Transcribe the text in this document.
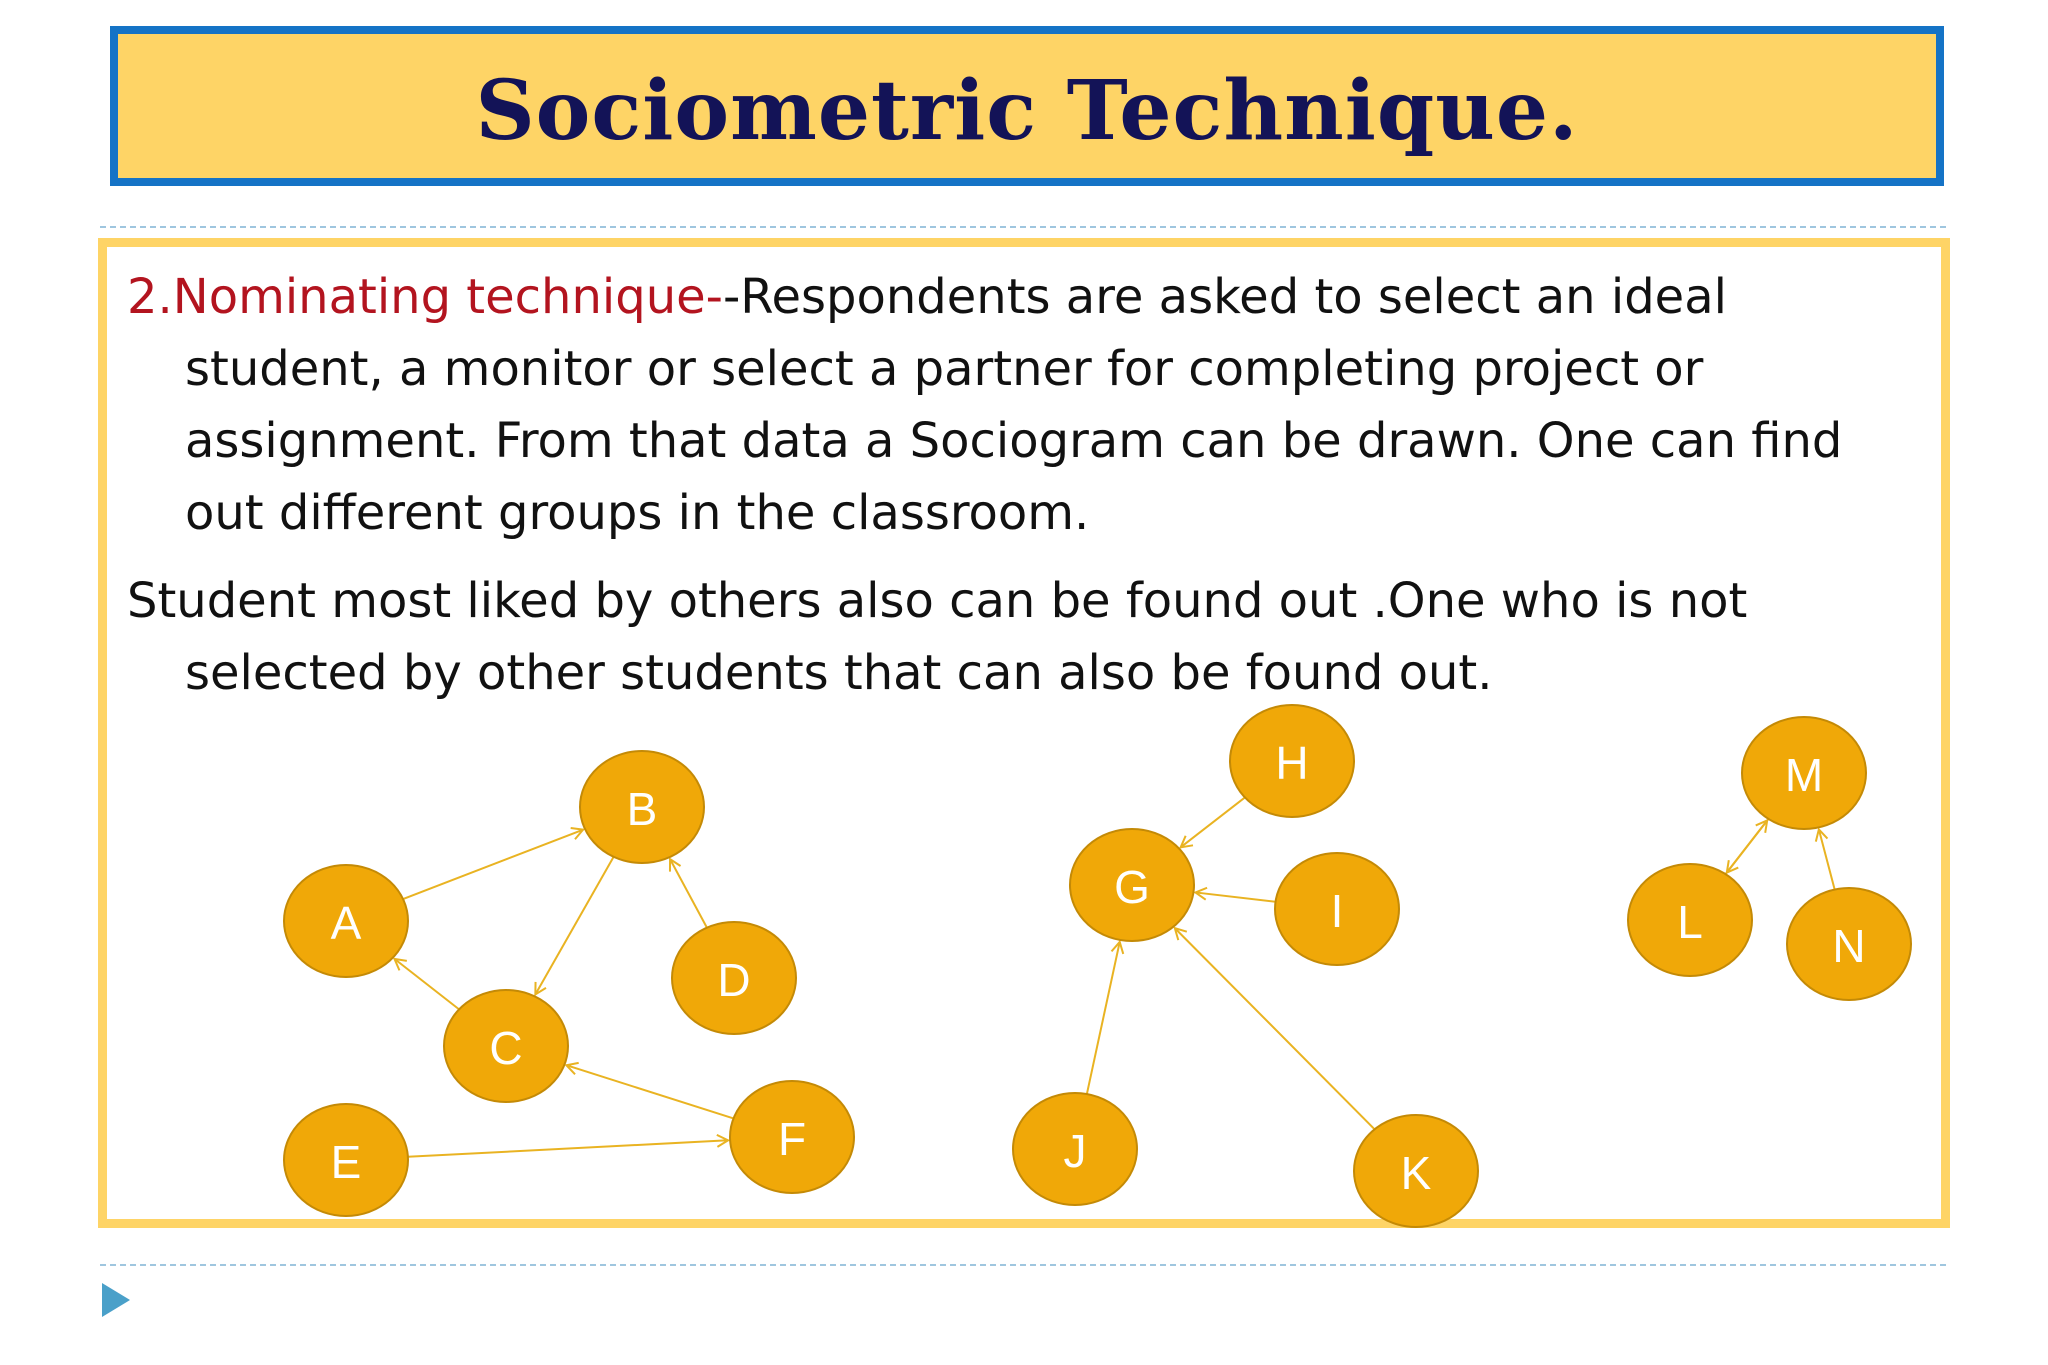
Sociometric Technique.

2.Nominating technique--Respondents are asked to select an ideal student, a monitor or select a partner for completing project or assignment. From that data a Sociogram can be drawn. One can find out different groups in the classroom.

Student most liked by others also can be found out .One who is not selected by other students that can also be found out.

A
B
C
D
E	F
G
H
I
J	K
L
M
N
